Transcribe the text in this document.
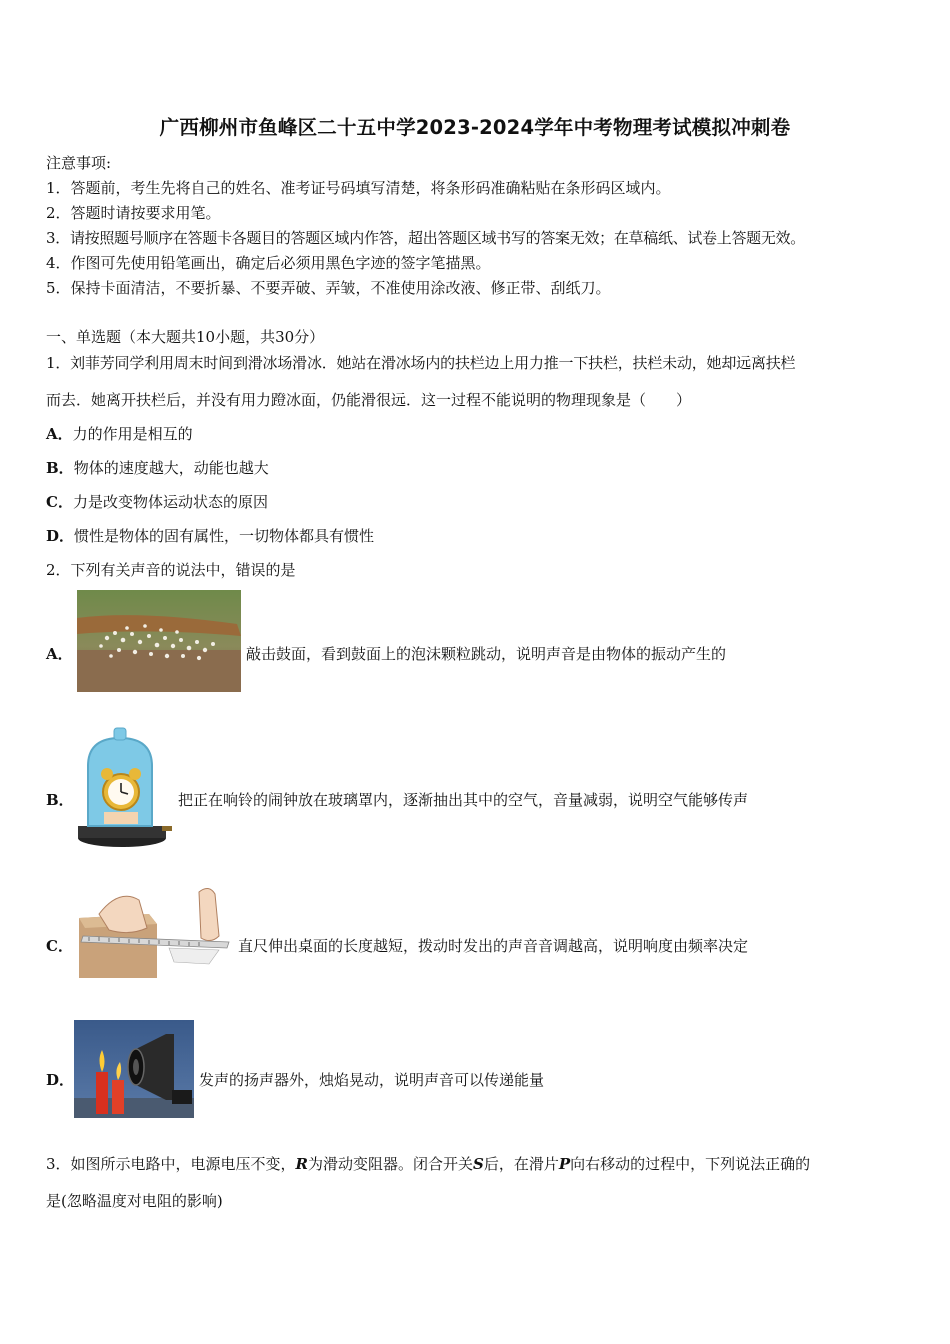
广西柳州市鱼峰区二十五中学2023-2024学年中考物理考试模拟冲刺卷
注意事项:
1．答题前，考生先将自己的姓名、准考证号码填写清楚，将条形码准确粘贴在条形码区域内。
2．答题时请按要求用笔。
3．请按照题号顺序在答题卡各题目的答题区域内作答，超出答题区域书写的答案无效；在草稿纸、试卷上答题无效。
4．作图可先使用铅笔画出，确定后必须用黑色字迹的签字笔描黑。
5．保持卡面清洁，不要折暴、不要弄破、弄皱，不准使用涂改液、修正带、刮纸刀。
一、单选题（本大题共10小题，共30分）
1．刘菲芳同学利用周末时间到滑冰场滑冰．她站在滑冰场内的扶栏边上用力推一下扶栏，扶栏未动，她却远离扶栏
而去．她离开扶栏后，并没有用力蹬冰面，仍能滑很远．这一过程不能说明的物理现象是（　　）
A．力的作用是相互的
B．物体的速度越大，动能也越大
C．力是改变物体运动状态的原因
D．惯性是物体的固有属性，一切物体都具有惯性
2．下列有关声音的说法中，错误的是
A．	敲击鼓面，看到鼓面上的泡沫颗粒跳动，说明声音是由物体的振动产生的
B．	把正在响铃的闹钟放在玻璃罩内，逐渐抽出其中的空气，音量减弱，说明空气能够传声
C．	直尺伸出桌面的长度越短，拨动时发出的声音音调越高，说明响度由频率决定
D．	发声的扬声器外，烛焰晃动，说明声音可以传递能量
3．如图所示电路中，电源电压不变，R为滑动变阻器。闭合开关S后，在滑片P向右移动的过程中，下列说法正确的
是(忽略温度对电阻的影响)
